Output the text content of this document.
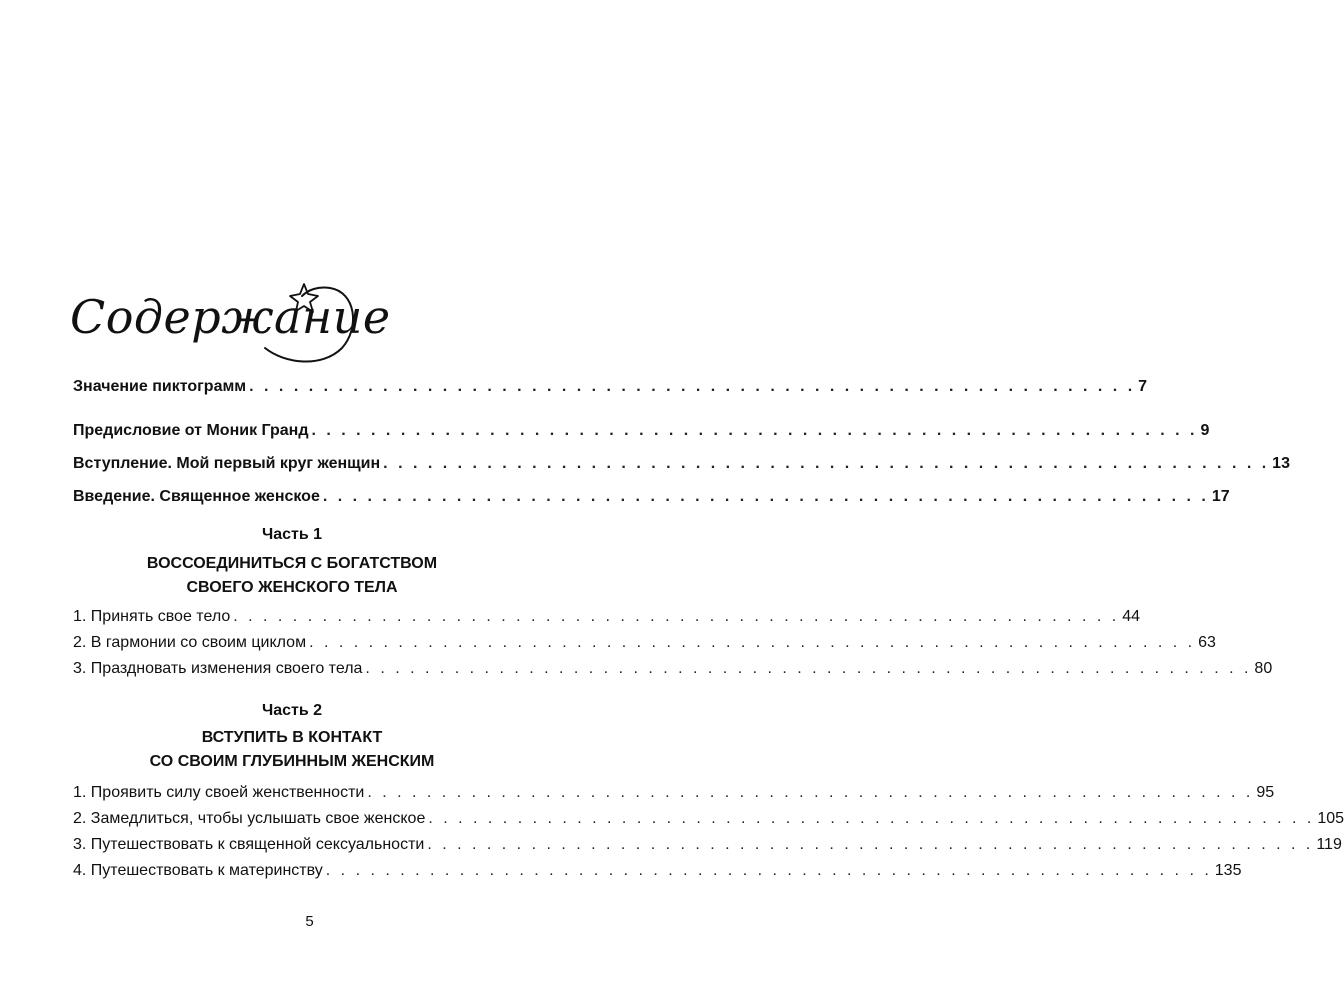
Содержание
Значение пиктограмм . . . . . . . . . . . . . . . . . . . . . . . . . . . . . . . . . . . . . . . . . . . . . . . . . . . . . . . . . . . . 7
Предисловие от Моник Гранд . . . . . . . . . . . . . . . . . . . . . . . . . . . . . . . . . . . . . . . . . . . . . . . . . . . . . . . . . . . . 9
Вступление. Мой первый круг женщин . . . . . . . . . . . . . . . . . . . . . . . . . . . . . . . . . . . . . . . . . . . . . . . . . . . . . . . . . . . . 13
Введение. Священное женское . . . . . . . . . . . . . . . . . . . . . . . . . . . . . . . . . . . . . . . . . . . . . . . . . . . . . . . . . . . . 17
Часть 1
ВОССОЕДИНИТЬСЯ С БОГАТСТВОМ
СВОЕГО ЖЕНСКОГО ТЕЛА
1. Принять свое тело . . . . . . . . . . . . . . . . . . . . . . . . . . . . . . . . . . . . . . . . . . . . . . . . . . . . . . . . . . . . 44
2. В гармонии со своим циклом . . . . . . . . . . . . . . . . . . . . . . . . . . . . . . . . . . . . . . . . . . . . . . . . . . . . . . . . . . . . 63
3. Праздновать изменения своего тела . . . . . . . . . . . . . . . . . . . . . . . . . . . . . . . . . . . . . . . . . . . . . . . . . . . . . . . . . . . . 80
Часть 2
ВСТУПИТЬ В КОНТАКТ
СО СВОИМ ГЛУБИННЫМ ЖЕНСКИМ
1. Проявить силу своей женственности . . . . . . . . . . . . . . . . . . . . . . . . . . . . . . . . . . . . . . . . . . . . . . . . . . . . . . . . . . . . 95
2. Замедлиться, чтобы услышать свое женское . . . . . . . . . . . . . . . . . . . . . . . . . . . . . . . . . . . . . . . . . . . . . . . . . . . . . . . . . . . . 105
3. Путешествовать к священной сексуальности . . . . . . . . . . . . . . . . . . . . . . . . . . . . . . . . . . . . . . . . . . . . . . . . . . . . . . . . . . . . 119
4. Путешествовать к материнству . . . . . . . . . . . . . . . . . . . . . . . . . . . . . . . . . . . . . . . . . . . . . . . . . . . . . . . . . . . . 135
5
